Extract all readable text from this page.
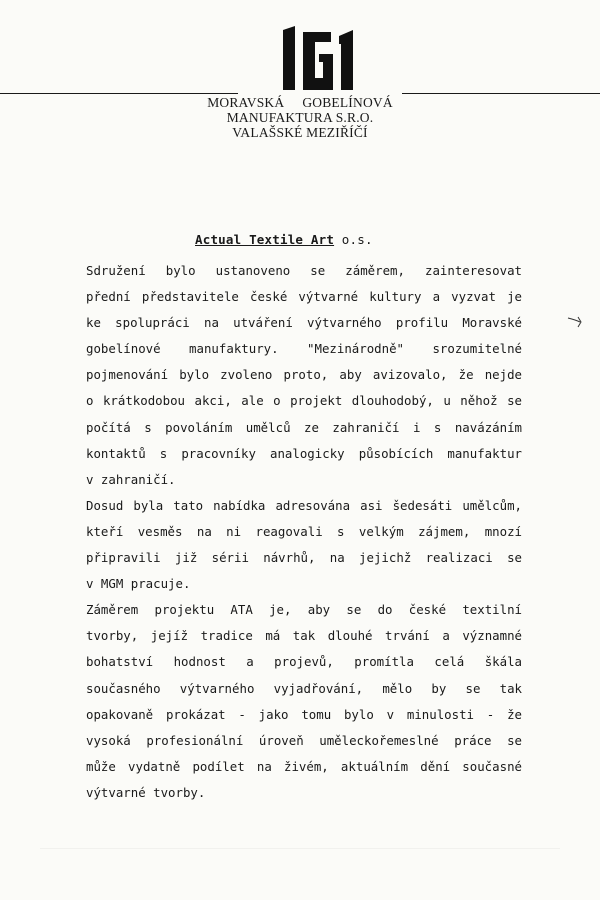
MORAVSKÁ GOBELÍNOVÁ
MANUFAKTURA S.R.O.
VALAŠSKÉ MEZIŘÍČÍ
Actual Textile Art o.s.
Sdružení bylo ustanoveno se záměrem, zainteresovat
přední představitele české výtvarné kultury a vyzvat je
ke spolupráci na utváření výtvarného profilu Moravské
gobelínové manufaktury. "Mezinárodně" srozumitelné
pojmenování bylo zvoleno proto, aby avizovalo, že nejde
o krátkodobou akci, ale o projekt dlouhodobý, u něhož se
počítá s povoláním umělců ze zahraničí i s navázáním
kontaktů s pracovníky analogicky působících manufaktur
v zahraničí.
Dosud byla tato nabídka adresována asi šedesáti umělcům,
kteří vesměs na ni reagovali s velkým zájmem, mnozí
připravili již sérii návrhů, na jejichž realizaci se
v MGM pracuje.
Záměrem projektu ATA je, aby se do české textilní
tvorby, jejíž tradice má tak dlouhé trvání a významné
bohatství hodnost a projevů, promítla celá škála
současného výtvarného vyjadřování, mělo by se tak
opakovaně prokázat - jako tomu bylo v minulosti - že
vysoká profesionální úroveň uměleckořemeslné práce se
může vydatně podílet na živém, aktuálním dění současné
výtvarné tvorby.
